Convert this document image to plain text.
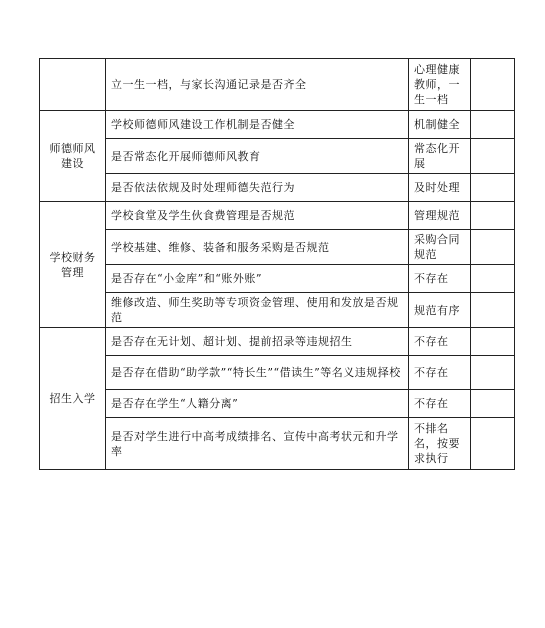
	立一生一档，与家长沟通记录是否齐全	心理健康教师，一生一档	
师德师风建设	学校师德师风建设工作机制是否健全	机制健全	
	是否常态化开展师德师风教育	常态化开展	
	是否依法依规及时处理师德失范行为	及时处理	
学校财务管理	学校食堂及学生伙食费管理是否规范	管理规范	
	学校基建、维修、装备和服务采购是否规范	采购合同规范	
	是否存在“小金库”和“账外账”	不存在	
	维修改造、师生奖助等专项资金管理、使用和发放是否规范	规范有序	
招生入学	是否存在无计划、超计划、提前招录等违规招生	不存在	
	是否存在借助“助学款”“特长生”“借读生”等名义违规择校	不存在	
	是否存在学生“人籍分离”	不存在	
	是否对学生进行中高考成绩排名、宣传中高考状元和升学率	不排名名，按要求执行	
